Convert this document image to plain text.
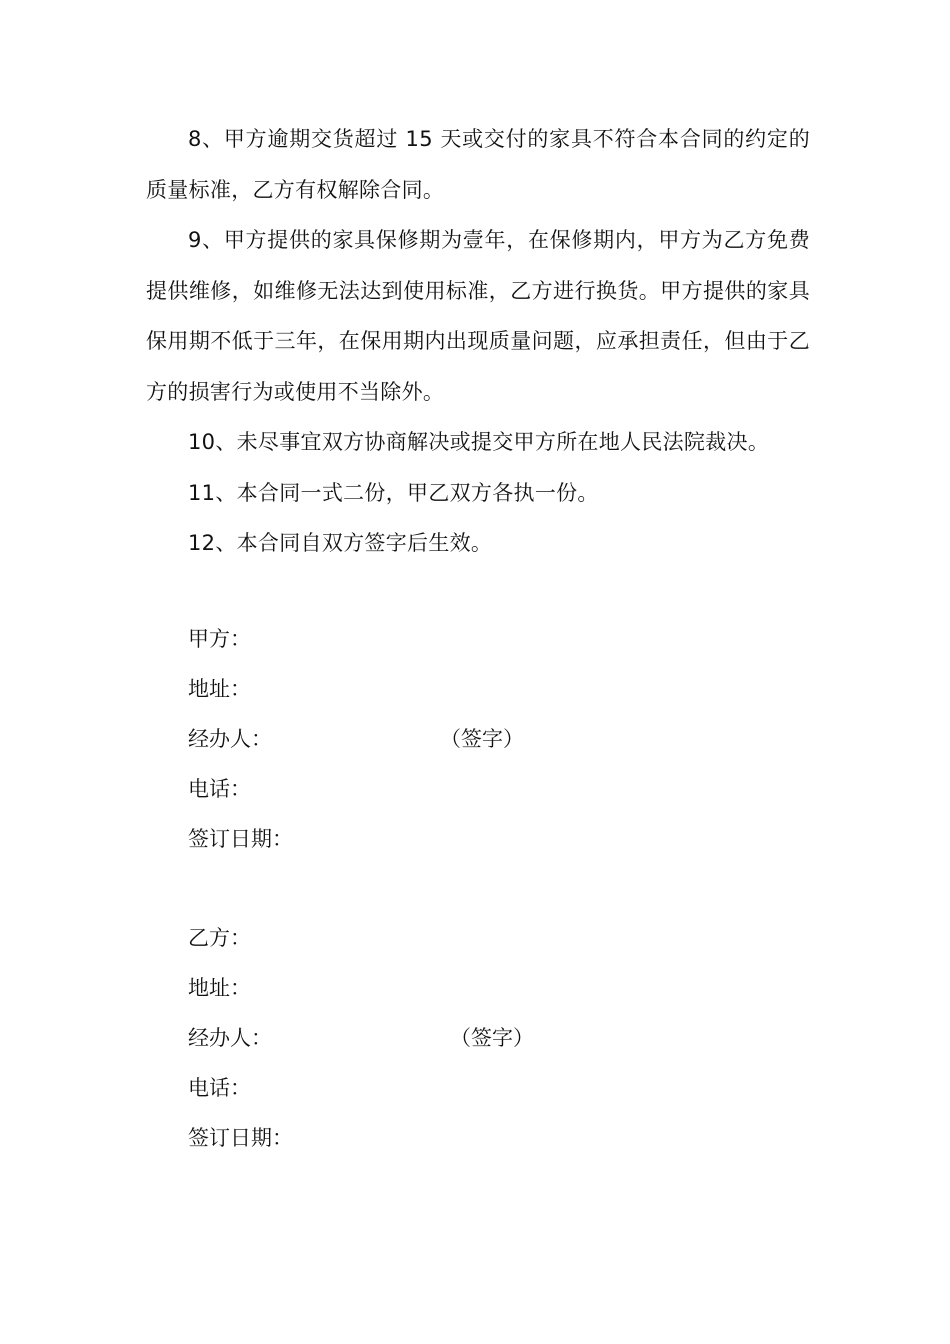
8、甲方逾期交货超过 15 天或交付的家具不符合本合同的约定的质量标准，乙方有权解除合同。

9、甲方提供的家具保修期为壹年，在保修期内，甲方为乙方免费提供维修，如维修无法达到使用标准，乙方进行换货。甲方提供的家具保用期不低于三年，在保用期内出现质量问题，应承担责任，但由于乙方的损害行为或使用不当除外。

10、未尽事宜双方协商解决或提交甲方所在地人民法院裁决。

11、本合同一式二份，甲乙双方各执一份。

12、本合同自双方签字后生效。

甲方：
地址：
经办人：	（签字）
电话：
签订日期：
乙方：
地址：
经办人：	（签字）
电话：
签订日期：
